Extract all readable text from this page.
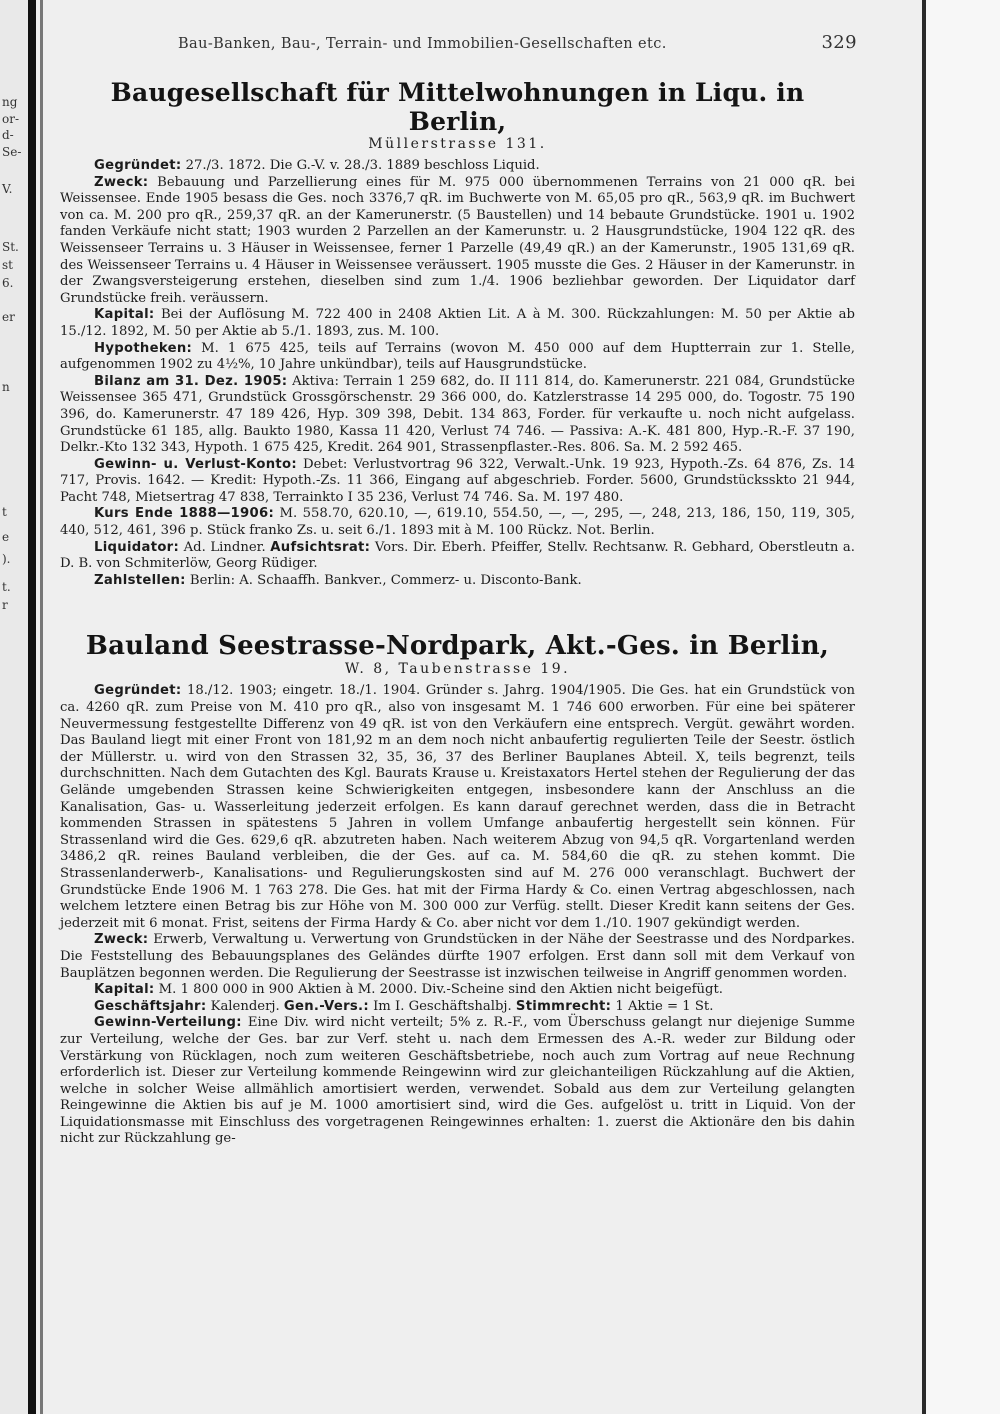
ng
or-
d-
Se-
V.
St.
st
6.
er
n
t
e
).
t.
r
Bau-Banken, Bau-, Terrain- und Immobilien-Gesellschaften etc.	329
Baugesellschaft für Mittelwohnungen in Liqu. in Berlin,
Müllerstrasse 131.

Gegründet: 27./3. 1872. Die G.-V. v. 28./3. 1889 beschloss Liquid.

Zweck: Bebauung und Parzellierung eines für M. 975 000 übernommenen Terrains von 21 000 qR. bei Weissensee. Ende 1905 besass die Ges. noch 3376,7 qR. im Buchwerte von M. 65,05 pro qR., 563,9 qR. im Buchwert von ca. M. 200 pro qR., 259,37 qR. an der Kamerunerstr. (5 Baustellen) und 14 bebaute Grundstücke. 1901 u. 1902 fanden Verkäufe nicht statt; 1903 wurden 2 Parzellen an der Kamerunstr. u. 2 Hausgrundstücke, 1904 122 qR. des Weissenseer Terrains u. 3 Häuser in Weissensee, ferner 1 Parzelle (49,49 qR.) an der Kamerunstr., 1905 131,69 qR. des Weissenseer Terrains u. 4 Häuser in Weissensee veräussert. 1905 musste die Ges. 2 Häuser in der Kamerunstr. in der Zwangsversteigerung erstehen, dieselben sind zum 1./4. 1906 bezliehbar geworden. Der Liquidator darf Grundstücke freih. veräussern.

Kapital: Bei der Auflösung M. 722 400 in 2408 Aktien Lit. A à M. 300. Rückzahlungen: M. 50 per Aktie ab 15./12. 1892, M. 50 per Aktie ab 5./1. 1893, zus. M. 100.

Hypotheken: M. 1 675 425, teils auf Terrains (wovon M. 450 000 auf dem Huptterrain zur 1. Stelle, aufgenommen 1902 zu 4½%, 10 Jahre unkündbar), teils auf Hausgrundstücke.

Bilanz am 31. Dez. 1905: Aktiva: Terrain 1 259 682, do. II 111 814, do. Kamerunerstr. 221 084, Grundstücke Weissensee 365 471, Grundstück Grossgörschenstr. 29 366 000, do. Katzlerstrasse 14 295 000, do. Togostr. 75 190 396, do. Kamerunerstr. 47 189 426, Hyp. 309 398, Debit. 134 863, Forder. für verkaufte u. noch nicht aufgelass. Grundstücke 61 185, allg. Baukto 1980, Kassa 11 420, Verlust 74 746. — Passiva: A.-K. 481 800, Hyp.-R.-F. 37 190, Delkr.-Kto 132 343, Hypoth. 1 675 425, Kredit. 264 901, Strassenpflaster.-Res. 806. Sa. M. 2 592 465.

Gewinn- u. Verlust-Konto: Debet: Verlustvortrag 96 322, Verwalt.-Unk. 19 923, Hypoth.-Zs. 64 876, Zs. 14 717, Provis. 1642. — Kredit: Hypoth.-Zs. 11 366, Eingang auf abgeschrieb. Forder. 5600, Grundstücksskto 21 944, Pacht 748, Mietsertrag 47 838, Terrainkto I 35 236, Verlust 74 746. Sa. M. 197 480.

Kurs Ende 1888—1906: M. 558.70, 620.10, —, 619.10, 554.50, —, —, 295, —, 248, 213, 186, 150, 119, 305, 440, 512, 461, 396 p. Stück franko Zs. u. seit 6./1. 1893 mit à M. 100 Rückz. Not. Berlin.

Liquidator: Ad. Lindner. Aufsichtsrat: Vors. Dir. Eberh. Pfeiffer, Stellv. Rechtsanw. R. Gebhard, Oberstleutn a. D. B. von Schmiterlöw, Georg Rüdiger.

Zahlstellen: Berlin: A. Schaaffh. Bankver., Commerz- u. Disconto-Bank.

Bauland Seestrasse-Nordpark, Akt.-Ges. in Berlin,
W. 8, Taubenstrasse 19.

Gegründet: 18./12. 1903; eingetr. 18./1. 1904. Gründer s. Jahrg. 1904/1905. Die Ges. hat ein Grundstück von ca. 4260 qR. zum Preise von M. 410 pro qR., also von insgesamt M. 1 746 600 erworben. Für eine bei späterer Neuvermessung festgestellte Differenz von 49 qR. ist von den Verkäufern eine entsprech. Vergüt. gewährt worden. Das Bauland liegt mit einer Front von 181,92 m an dem noch nicht anbaufertig regulierten Teile der Seestr. östlich der Müllerstr. u. wird von den Strassen 32, 35, 36, 37 des Berliner Bauplanes Abteil. X, teils begrenzt, teils durchschnitten. Nach dem Gutachten des Kgl. Baurats Krause u. Kreistaxators Hertel stehen der Regulierung der das Gelände umgebenden Strassen keine Schwierigkeiten entgegen, insbesondere kann der Anschluss an die Kanalisation, Gas- u. Wasserleitung jederzeit erfolgen. Es kann darauf gerechnet werden, dass die in Betracht kommenden Strassen in spätestens 5 Jahren in vollem Umfange anbaufertig hergestellt sein können. Für Strassenland wird die Ges. 629,6 qR. abzutreten haben. Nach weiterem Abzug von 94,5 qR. Vorgartenland werden 3486,2 qR. reines Bauland verbleiben, die der Ges. auf ca. M. 584,60 die qR. zu stehen kommt. Die Strassenlanderwerb-, Kanalisations- und Regulierungskosten sind auf M. 276 000 veranschlagt. Buchwert der Grundstücke Ende 1906 M. 1 763 278. Die Ges. hat mit der Firma Hardy & Co. einen Vertrag abgeschlossen, nach welchem letztere einen Betrag bis zur Höhe von M. 300 000 zur Verfüg. stellt. Dieser Kredit kann seitens der Ges. jederzeit mit 6 monat. Frist, seitens der Firma Hardy & Co. aber nicht vor dem 1./10. 1907 gekündigt werden.

Zweck: Erwerb, Verwaltung u. Verwertung von Grundstücken in der Nähe der Seestrasse und des Nordparkes. Die Feststellung des Bebauungsplanes des Geländes dürfte 1907 erfolgen. Erst dann soll mit dem Verkauf von Bauplätzen begonnen werden. Die Regulierung der Seestrasse ist inzwischen teilweise in Angriff genommen worden.

Kapital: M. 1 800 000 in 900 Aktien à M. 2000. Div.-Scheine sind den Aktien nicht beigefügt.

Geschäftsjahr: Kalenderj. Gen.-Vers.: Im I. Geschäftshalbj. Stimmrecht: 1 Aktie = 1 St.

Gewinn-Verteilung: Eine Div. wird nicht verteilt; 5% z. R.-F., vom Überschuss gelangt nur diejenige Summe zur Verteilung, welche der Ges. bar zur Verf. steht u. nach dem Ermessen des A.-R. weder zur Bildung oder Verstärkung von Rücklagen, noch zum weiteren Geschäftsbetriebe, noch auch zum Vortrag auf neue Rechnung erforderlich ist. Dieser zur Verteilung kommende Reingewinn wird zur gleichanteiligen Rückzahlung auf die Aktien, welche in solcher Weise allmählich amortisiert werden, verwendet. Sobald aus dem zur Verteilung gelangten Reingewinne die Aktien bis auf je M. 1000 amortisiert sind, wird die Ges. aufgelöst u. tritt in Liquid. Von der Liquidationsmasse mit Einschluss des vorgetragenen Reingewinnes erhalten: 1. zuerst die Aktionäre den bis dahin nicht zur Rückzahlung ge-
